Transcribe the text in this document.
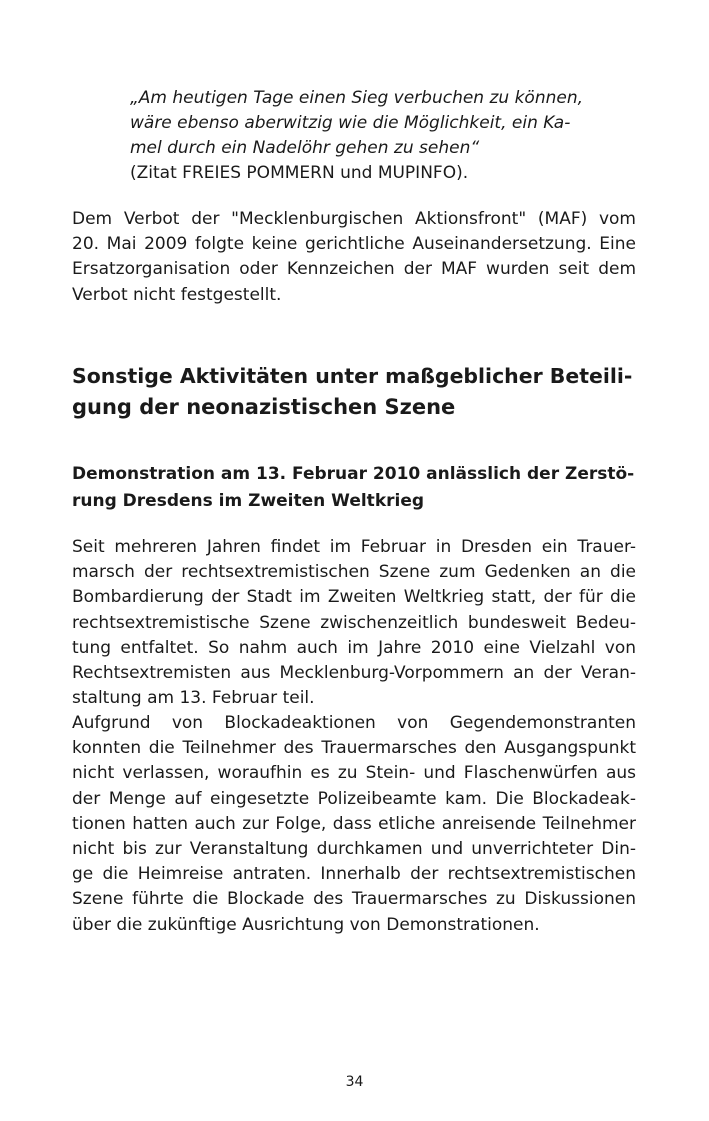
„Am heutigen Tage einen Sieg verbuchen zu können,
wäre ebenso aberwitzig wie die Möglichkeit, ein Ka-
mel durch ein Nadelöhr gehen zu sehen“
(Zitat FREIES POMMERN und MUPINFO).
Dem Verbot der "Mecklenburgischen Aktionsfront" (MAF) vom
20. Mai 2009 folgte keine gerichtliche Auseinandersetzung. Eine
Ersatzorganisation oder Kennzeichen der MAF wurden seit dem
Verbot nicht festgestellt.
Sonstige Aktivitäten unter maßgeblicher Beteili-
gung der neonazistischen Szene
Demonstration am 13. Februar 2010 anlässlich der Zerstö-
rung Dresdens im Zweiten Weltkrieg
Seit mehreren Jahren findet im Februar in Dresden ein Trauer-
marsch der rechtsextremistischen Szene zum Gedenken an die
Bombardierung der Stadt im Zweiten Weltkrieg statt, der für die
rechtsextremistische Szene zwischenzeitlich bundesweit Bedeu-
tung entfaltet. So nahm auch im Jahre 2010 eine Vielzahl von
Rechtsextremisten aus Mecklenburg-Vorpommern an der Veran-
staltung am 13. Februar teil.
Aufgrund von Blockadeaktionen von Gegendemonstranten
konnten die Teilnehmer des Trauermarsches den Ausgangspunkt
nicht verlassen, woraufhin es zu Stein- und Flaschenwürfen aus
der Menge auf eingesetzte Polizeibeamte kam. Die Blockadeak-
tionen hatten auch zur Folge, dass etliche anreisende Teilnehmer
nicht bis zur Veranstaltung durchkamen und unverrichteter Din-
ge die Heimreise antraten. Innerhalb der rechtsextremistischen
Szene führte die Blockade des Trauermarsches zu Diskussionen
über die zukünftige Ausrichtung von Demonstrationen.
34
